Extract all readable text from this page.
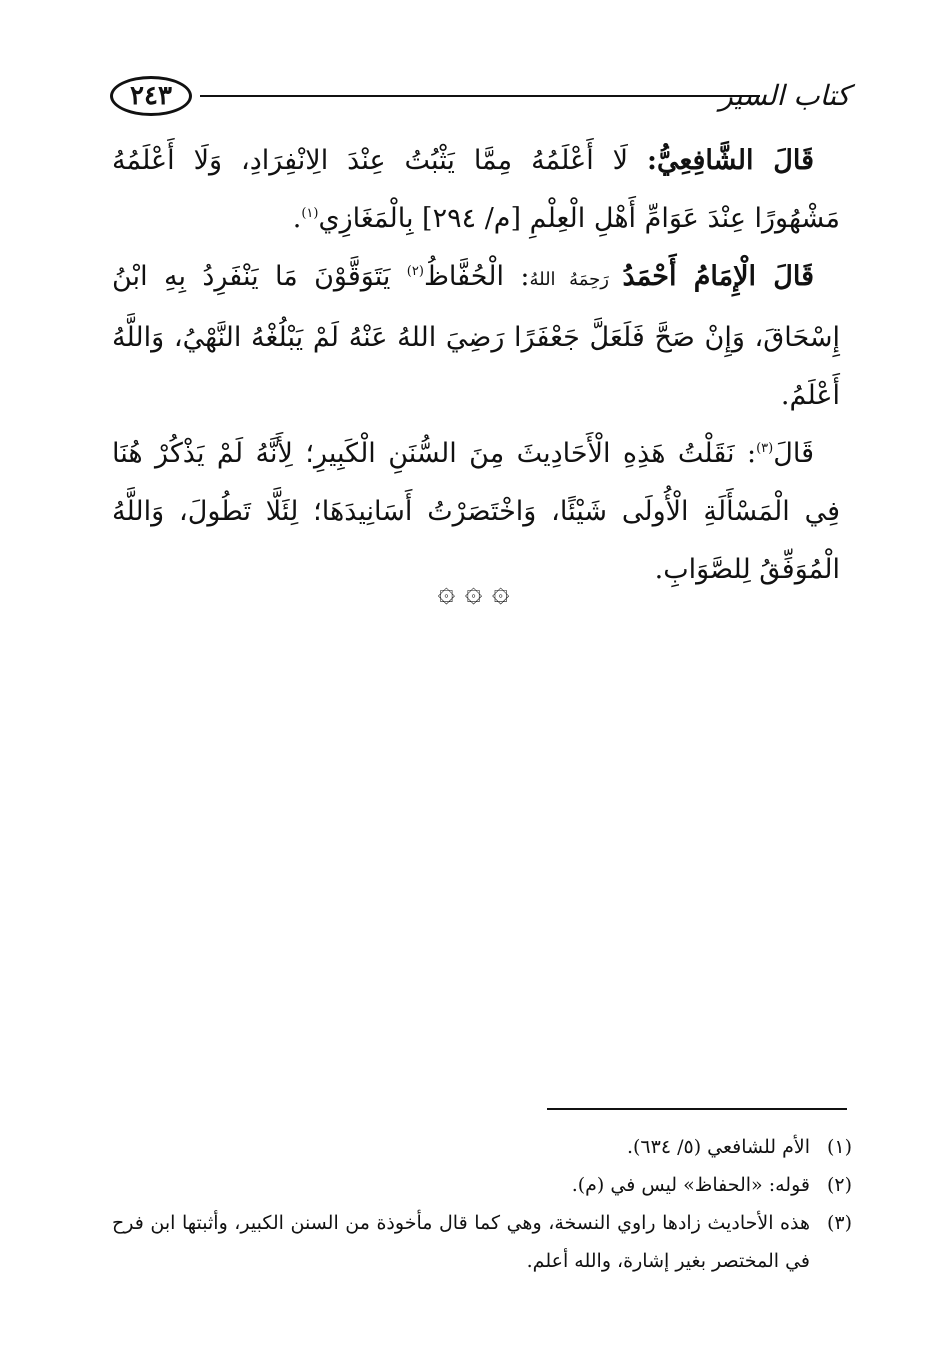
٢٤٣	كتاب السير

قَالَ الشَّافِعِيُّ: لَا أَعْلَمُهُ مِمَّا يَثْبُتُ عِنْدَ الِانْفِرَادِ، وَلَا أَعْلَمُهُ مَشْهُورًا عِنْدَ عَوَامِّ أَهْلِ الْعِلْمِ [م/ ٢٩٤] بِالْمَغَازِي$^{(١)}$.

قَالَ الْإِمَامُ أَحْمَدُ رَحِمَهُ اللهُ: الْحُفَّاظُ$^{(٢)}$ يَتَوَقَّوْنَ مَا يَنْفَرِدُ بِهِ ابْنُ إِسْحَاقَ، وَإِنْ صَحَّ فَلَعَلَّ جَعْفَرًا رَضِيَ اللهُ عَنْهُ لَمْ يَبْلُغْهُ النَّهْيُ، وَاللَّهُ أَعْلَمُ.

قَالَ$^{(٣)}$: نَقَلْتُ هَذِهِ الْأَحَادِيثَ مِنَ السُّنَنِ الْكَبِيرِ؛ لِأَنَّهُ لَمْ يَذْكُرْ هُنَا فِي الْمَسْأَلَةِ الْأُولَى شَيْئًا، وَاخْتَصَرْتُ أَسَانِيدَهَا؛ لِئَلَّا تَطُولَ، وَاللَّهُ الْمُوَفِّقُ لِلصَّوَابِ.

۞ ۞ ۞
(١)
الأم للشافعي (٥/ ٦٣٤).
(٢)
قوله: «الحفاظ» ليس في (م).
(٣)
هذه الأحاديث زادها راوي النسخة، وهي كما قال مأخوذة من السنن الكبير، وأثبتها ابن فرح في المختصر بغير إشارة، والله أعلم.
